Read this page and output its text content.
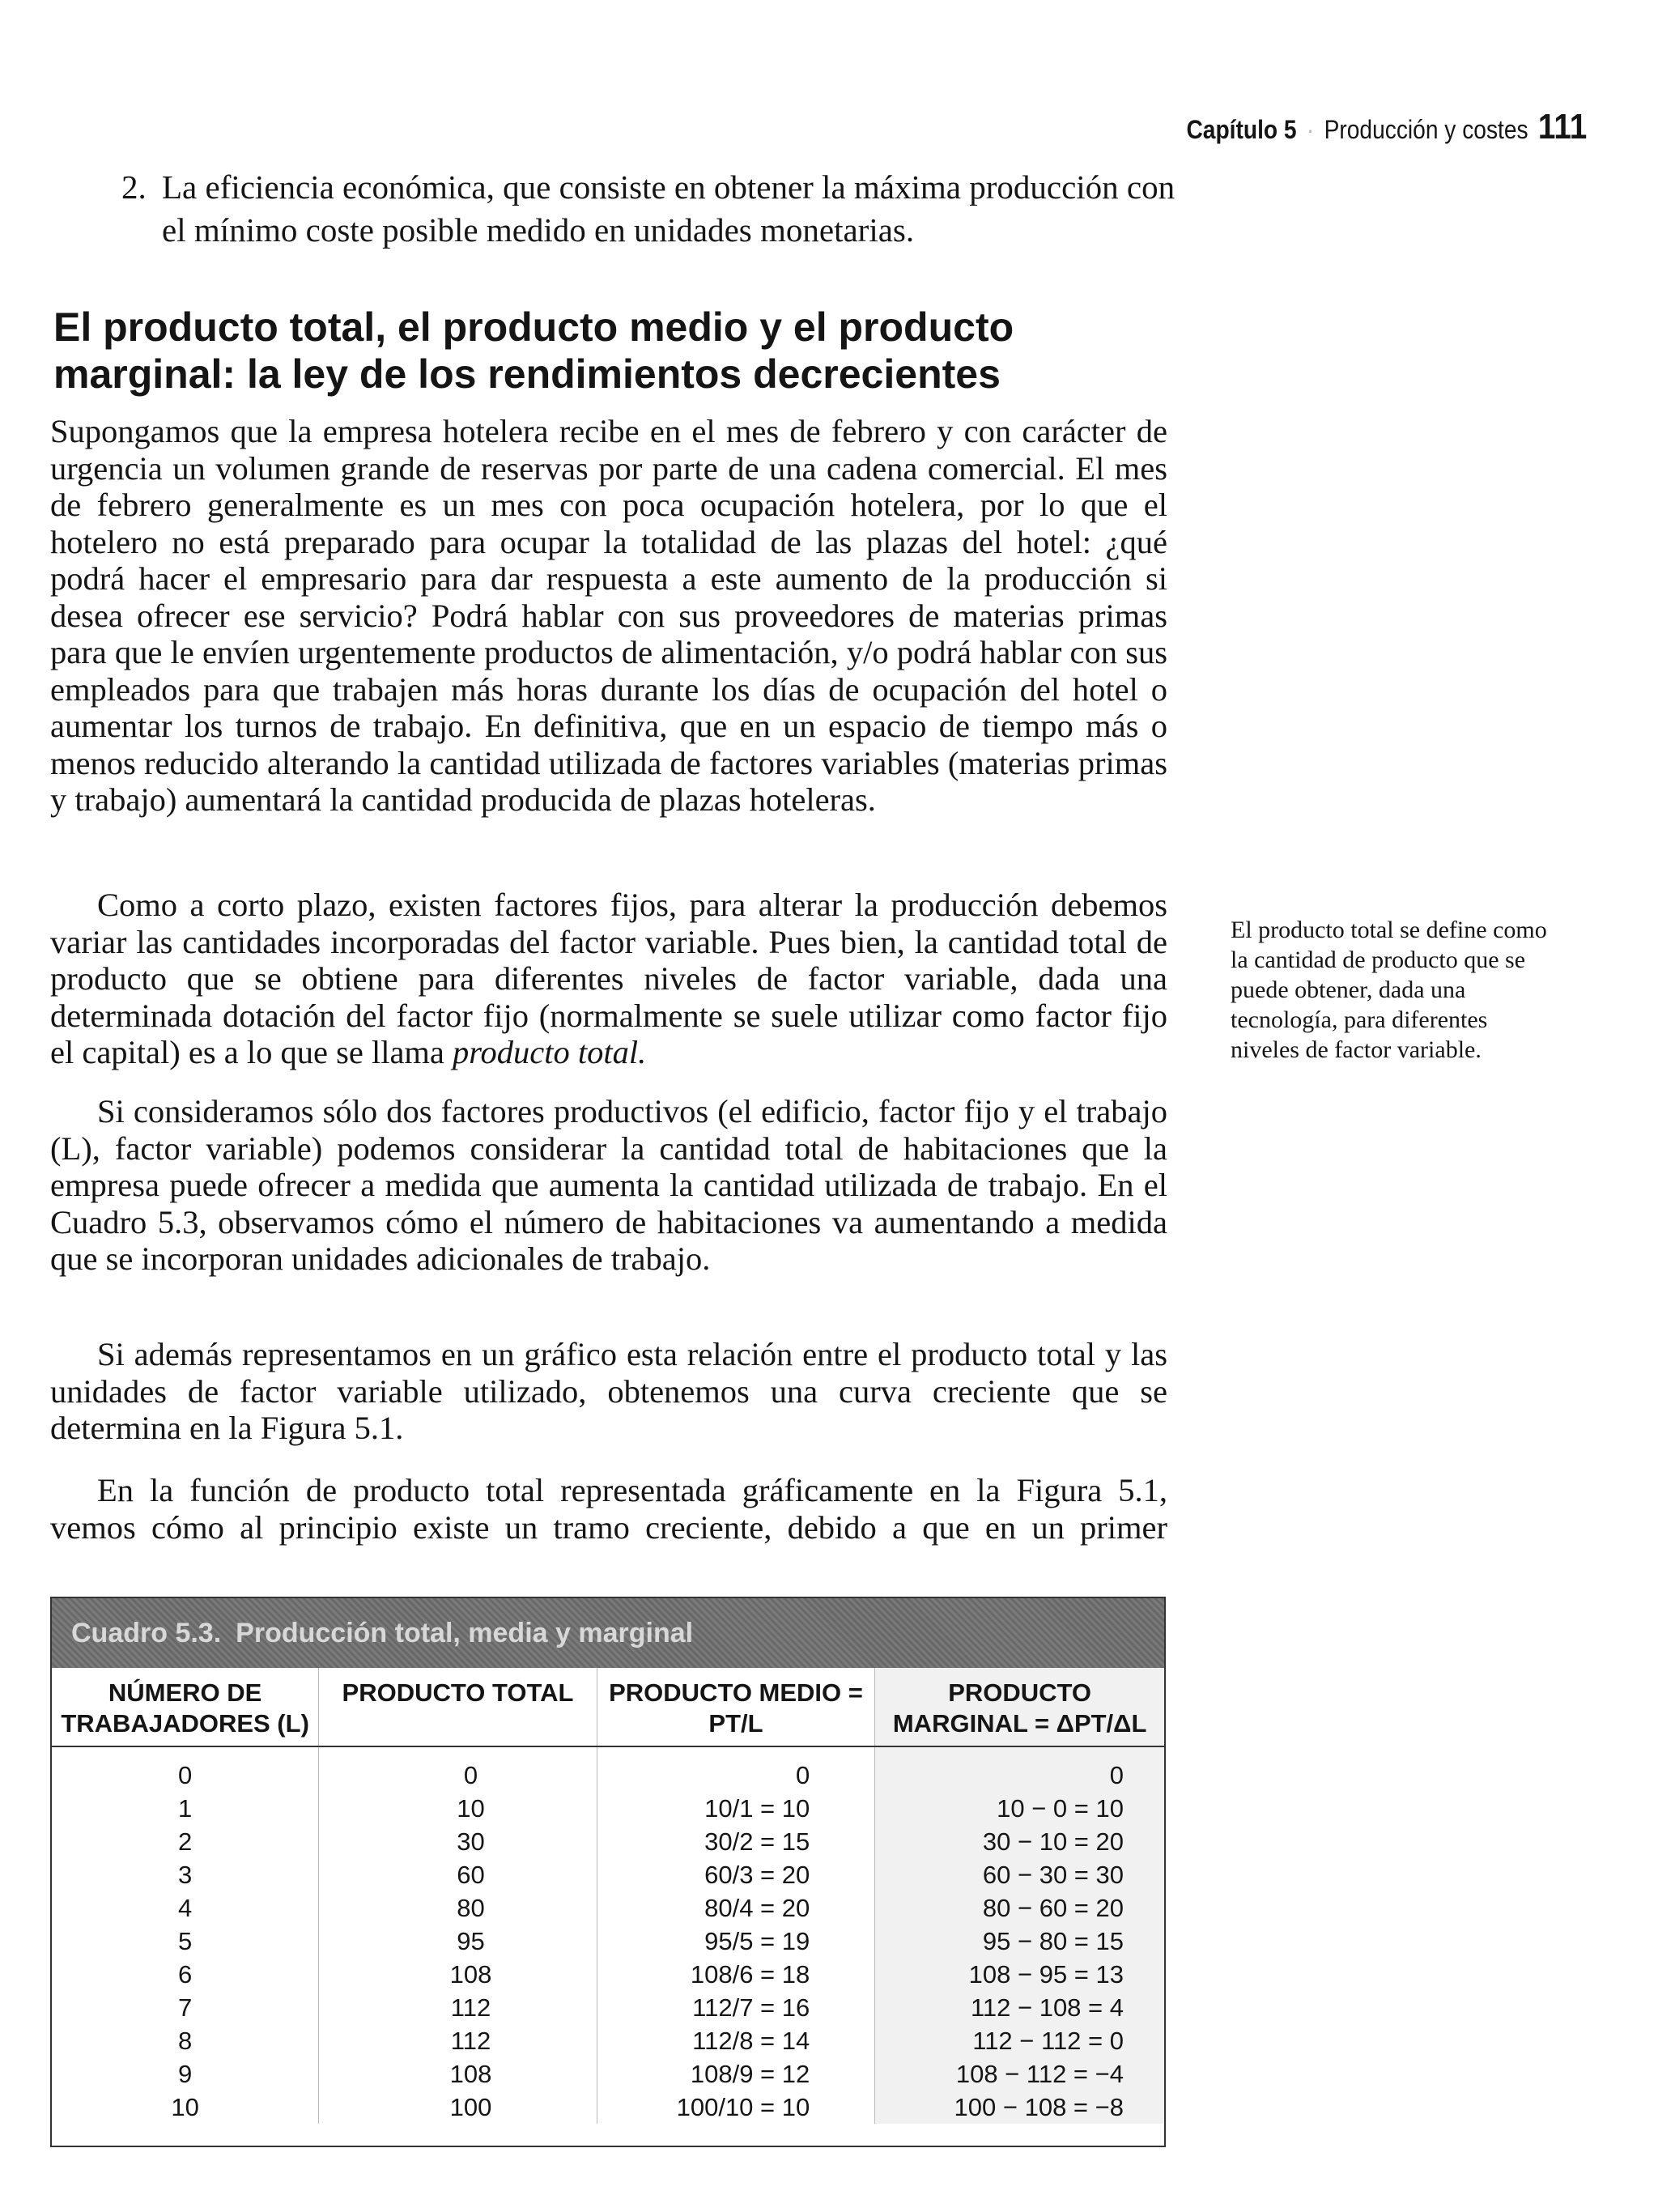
Capítulo 5 · Producción y costes 111
2. La eficiencia económica, que consiste en obtener la máxima producción con el mínimo coste posible medido en unidades monetarias.
El producto total, el producto medio y el producto marginal: la ley de los rendimientos decrecientes

Supongamos que la empresa hotelera recibe en el mes de febrero y con carácter de urgencia un volumen grande de reservas por parte de una cadena comercial. El mes de febrero generalmente es un mes con poca ocupación hotelera, por lo que el hotelero no está preparado para ocupar la totalidad de las plazas del hotel: ¿qué podrá hacer el empresario para dar respuesta a este aumento de la producción si desea ofrecer ese servicio? Podrá hablar con sus proveedores de materias primas para que le envíen urgentemente productos de alimentación, y/o podrá hablar con sus empleados para que trabajen más horas durante los días de ocupación del hotel o aumentar los turnos de trabajo. En definitiva, que en un espacio de tiempo más o menos reducido alterando la cantidad utilizada de factores variables (materias primas y trabajo) aumentará la cantidad producida de plazas hoteleras.

Como a corto plazo, existen factores fijos, para alterar la producción debemos variar las cantidades incorporadas del factor variable. Pues bien, la cantidad total de producto que se obtiene para diferentes niveles de factor variable, dada una determinada dotación del factor fijo (normalmente se suele utilizar como factor fijo el capital) es a lo que se llama producto total.

Si consideramos sólo dos factores productivos (el edificio, factor fijo y el trabajo (L), factor variable) podemos considerar la cantidad total de habitaciones que la empresa puede ofrecer a medida que aumenta la cantidad utilizada de trabajo. En el Cuadro 5.3, observamos cómo el número de habitaciones va aumentando a medida que se incorporan unidades adicionales de trabajo.

Si además representamos en un gráfico esta relación entre el producto total y las unidades de factor variable utilizado, obtenemos una curva creciente que se determina en la Figura 5.1.

En la función de producto total representada gráficamente en la Figura 5.1, vemos cómo al principio existe un tramo creciente, debido a que en un primer

El producto total se define como la cantidad de producto que se puede obtener, dada una tecnología, para diferentes niveles de factor variable.
Cuadro 5.3. Producción total, media y marginal
NÚMERO DE TRABAJADORES (L)	PRODUCTO TOTAL	PRODUCTO MEDIO = PT/L	PRODUCTO MARGINAL = ΔPT/ΔL
0	0	0	0
1	10	10/1 = 10	10 − 0 = 10
2	30	30/2 = 15	30 − 10 = 20
3	60	60/3 = 20	60 − 30 = 30
4	80	80/4 = 20	80 − 60 = 20
5	95	95/5 = 19	95 − 80 = 15
6	108	108/6 = 18	108 − 95 = 13
7	112	112/7 = 16	112 − 108 = 4
8	112	112/8 = 14	112 − 112 = 0
9	108	108/9 = 12	108 − 112 = −4
10	100	100/10 = 10	100 − 108 = −8
